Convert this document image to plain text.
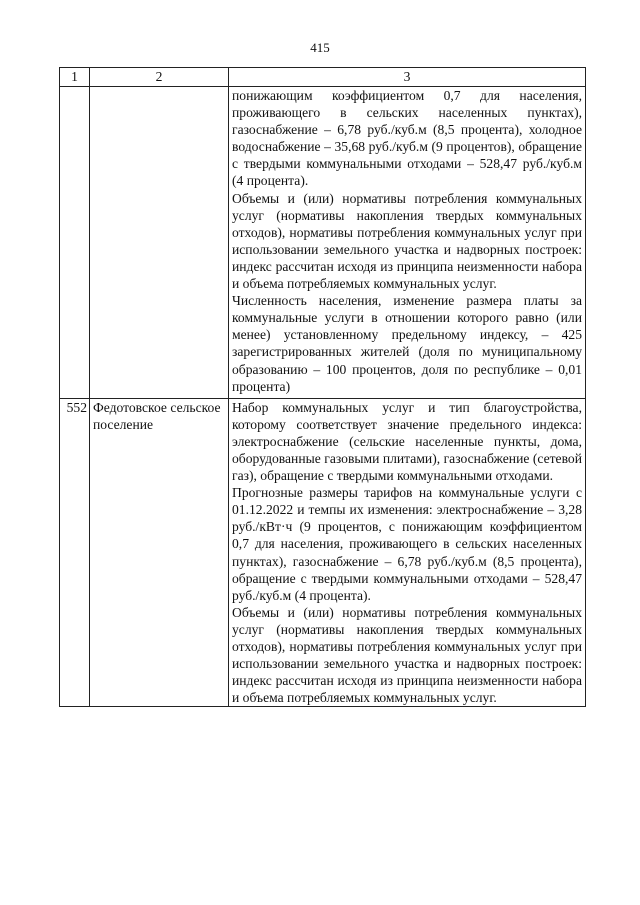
415
1	2	3

		понижающим коэффициентом 0,7 для населения, проживающего в сельских населенных пунктах), газоснабжение – 6,78 руб./куб.м (8,5 процента), холодное водоснабжение – 35,68 руб./куб.м (9 процентов), обращение с твердыми коммунальными отходами – 528,47 руб./куб.м (4 процента).

Объемы и (или) нормативы потребления коммунальных услуг (нормативы накопления твердых коммунальных отходов), нормативы потребления коммунальных услуг при использовании земельного участка и надворных построек: индекс рассчитан исходя из принципа неизменности набора и объема потребляемых коммунальных услуг.

Численность населения, изменение размера платы за коммунальные услуги в отношении которого равно (или менее) установленному предельному индексу, – 425 зарегистрированных жителей (доля по муниципальному образованию – 100 процентов, доля по республике – 0,01 процента)

552	Федотовское сельское поселение	Набор коммунальных услуг и тип благоустройства, которому соответствует значение предельного индекса: электроснабжение (сельские населенные пункты, дома, оборудованные газовыми плитами), газоснабжение (сетевой газ), обращение с твердыми коммунальными отходами.

Прогнозные размеры тарифов на коммунальные услуги с 01.12.2022 и темпы их изменения: электроснабжение – 3,28 руб./кВт·ч (9 процентов, с понижающим коэффициентом 0,7 для населения, проживающего в сельских населенных пунктах), газоснабжение – 6,78 руб./куб.м (8,5 процента), обращение с твердыми коммунальными отходами – 528,47 руб./куб.м (4 процента).

Объемы и (или) нормативы потребления коммунальных услуг (нормативы накопления твердых коммунальных отходов), нормативы потребления коммунальных услуг при использовании земельного участка и надворных построек: индекс рассчитан исходя из принципа неизменности набора и объема потребляемых коммунальных услуг.
